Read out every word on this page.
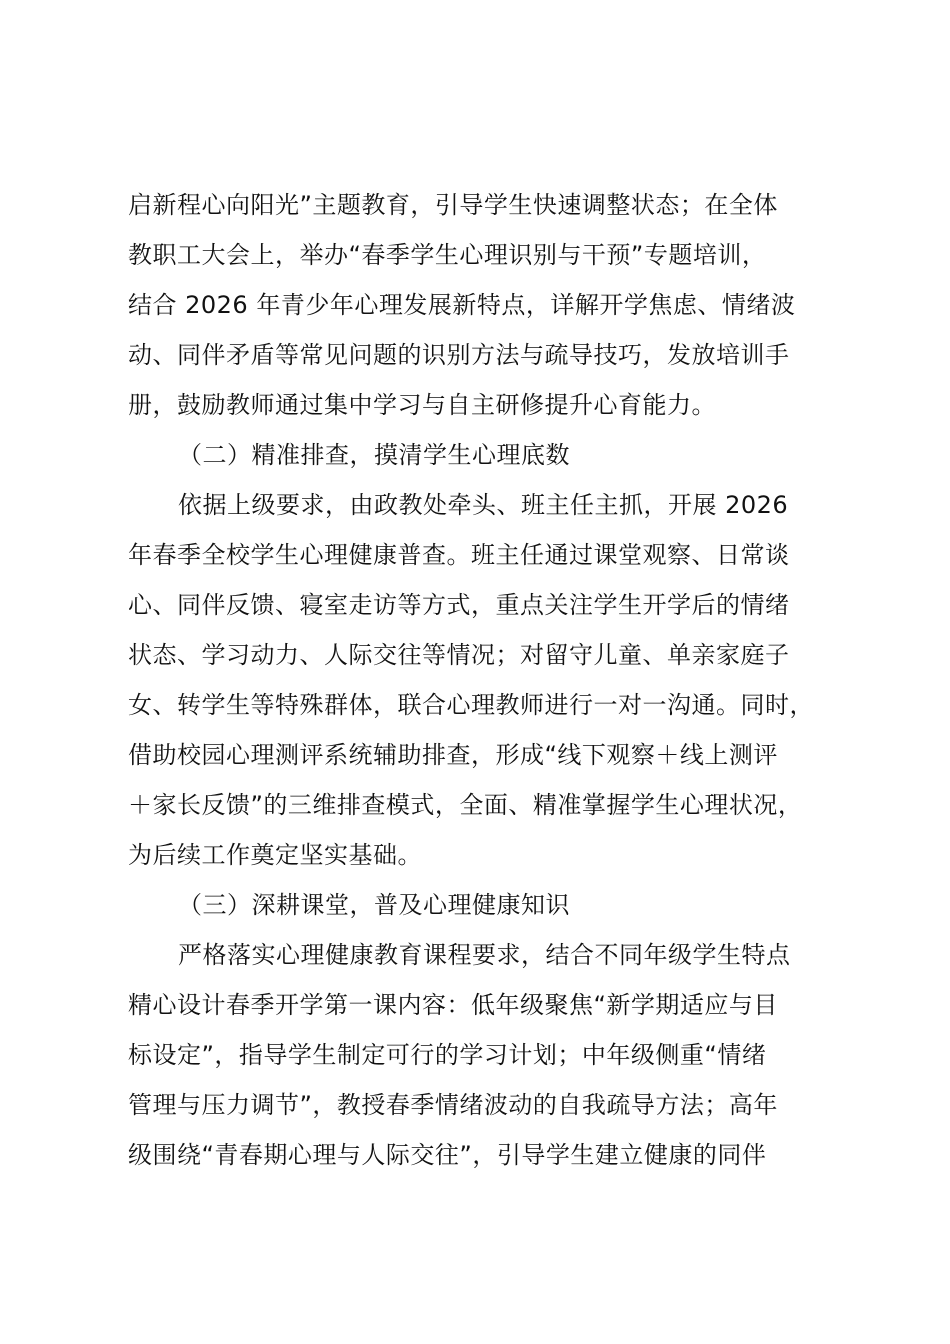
启新程心向阳光”主题教育，引导学生快速调整状态；在全体
教职工大会上，举办“春季学生心理识别与干预”专题培训，
结合 2026 年青少年心理发展新特点，详解开学焦虑、情绪波
动、同伴矛盾等常见问题的识别方法与疏导技巧，发放培训手
册，鼓励教师通过集中学习与自主研修提升心育能力。
（二）精准排查，摸清学生心理底数
依据上级要求，由政教处牵头、班主任主抓，开展 2026
年春季全校学生心理健康普查。班主任通过课堂观察、日常谈
心、同伴反馈、寝室走访等方式，重点关注学生开学后的情绪
状态、学习动力、人际交往等情况；对留守儿童、单亲家庭子
女、转学生等特殊群体，联合心理教师进行一对一沟通。同时，
借助校园心理测评系统辅助排查，形成“线下观察＋线上测评
＋家长反馈”的三维排查模式，全面、精准掌握学生心理状况，
为后续工作奠定坚实基础。
（三）深耕课堂，普及心理健康知识
严格落实心理健康教育课程要求，结合不同年级学生特点
精心设计春季开学第一课内容：低年级聚焦“新学期适应与目
标设定”，指导学生制定可行的学习计划；中年级侧重“情绪
管理与压力调节”，教授春季情绪波动的自我疏导方法；高年
级围绕“青春期心理与人际交往”，引导学生建立健康的同伴
